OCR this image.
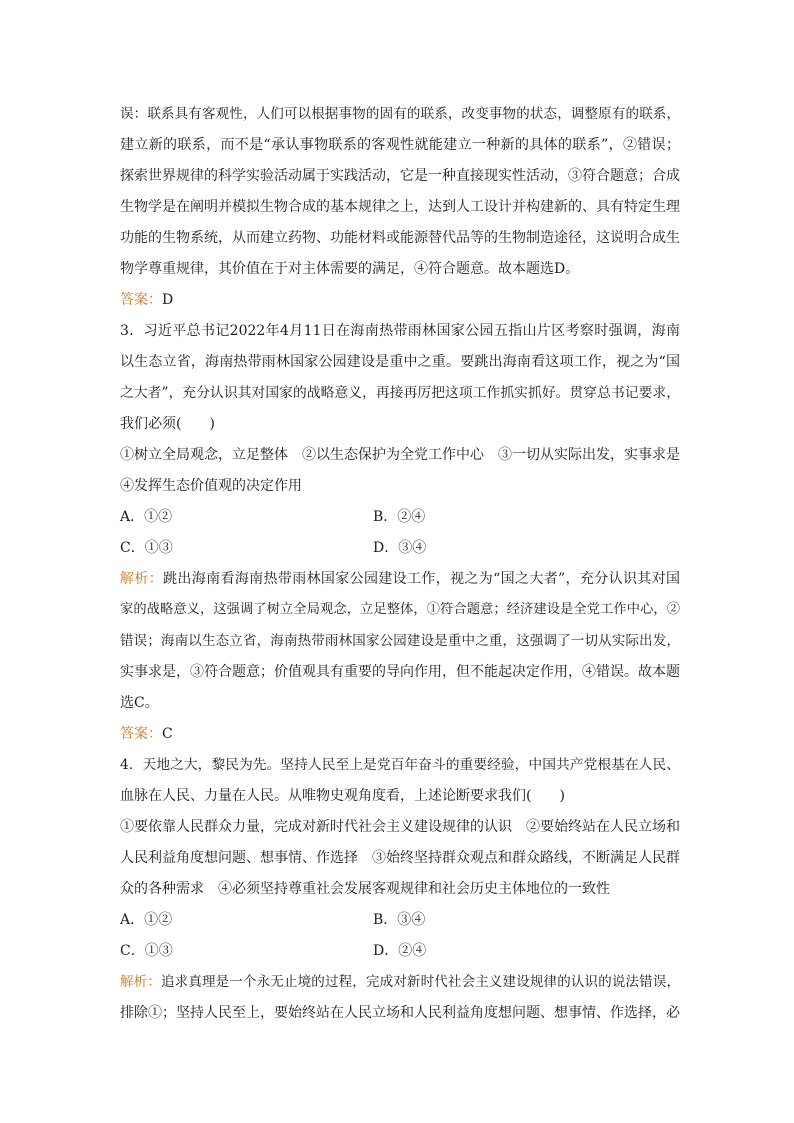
误：联系具有客观性，人们可以根据事物的固有的联系，改变事物的状态，调整原有的联系，
建立新的联系，而不是“承认事物联系的客观性就能建立一种新的具体的联系”，②错误；
探索世界规律的科学实验活动属于实践活动，它是一种直接现实性活动，③符合题意；合成
生物学是在阐明并模拟生物合成的基本规律之上，达到人工设计并构建新的、具有特定生理
功能的生物系统，从而建立药物、功能材料或能源替代品等的生物制造途径，这说明合成生
物学尊重规律，其价值在于对主体需要的满足，④符合题意。故本题选D。
答案：D
3．习近平总书记2022年4月11日在海南热带雨林国家公园五指山片区考察时强调，海南
以生态立省，海南热带雨林国家公园建设是重中之重。要跳出海南看这项工作，视之为“国
之大者”，充分认识其对国家的战略意义，再接再厉把这项工作抓实抓好。贯穿总书记要求，
我们必须(　　)
①树立全局观念，立足整体　②以生态保护为全党工作中心　③一切从实际出发，实事求是
④发挥生态价值观的决定作用
A．①②	B．②④
C．①③	D．③④
解析：跳出海南看海南热带雨林国家公园建设工作，视之为“国之大者”，充分认识其对国
家的战略意义，这强调了树立全局观念，立足整体，①符合题意；经济建设是全党工作中心，②
错误；海南以生态立省，海南热带雨林国家公园建设是重中之重，这强调了一切从实际出发，
实事求是，③符合题意；价值观具有重要的导向作用，但不能起决定作用，④错误。故本题
选C。
答案：C
4．天地之大，黎民为先。坚持人民至上是党百年奋斗的重要经验，中国共产党根基在人民、
血脉在人民、力量在人民。从唯物史观角度看，上述论断要求我们(　　)
①要依靠人民群众力量，完成对新时代社会主义建设规律的认识　②要始终站在人民立场和
人民利益角度想问题、想事情、作选择　③始终坚持群众观点和群众路线，不断满足人民群
众的各种需求　④必须坚持尊重社会发展客观规律和社会历史主体地位的一致性
A．①②	B．③④
C．①③	D．②④
解析：追求真理是一个永无止境的过程，完成对新时代社会主义建设规律的认识的说法错误，
排除①；坚持人民至上，要始终站在人民立场和人民利益角度想问题、想事情、作选择，必
